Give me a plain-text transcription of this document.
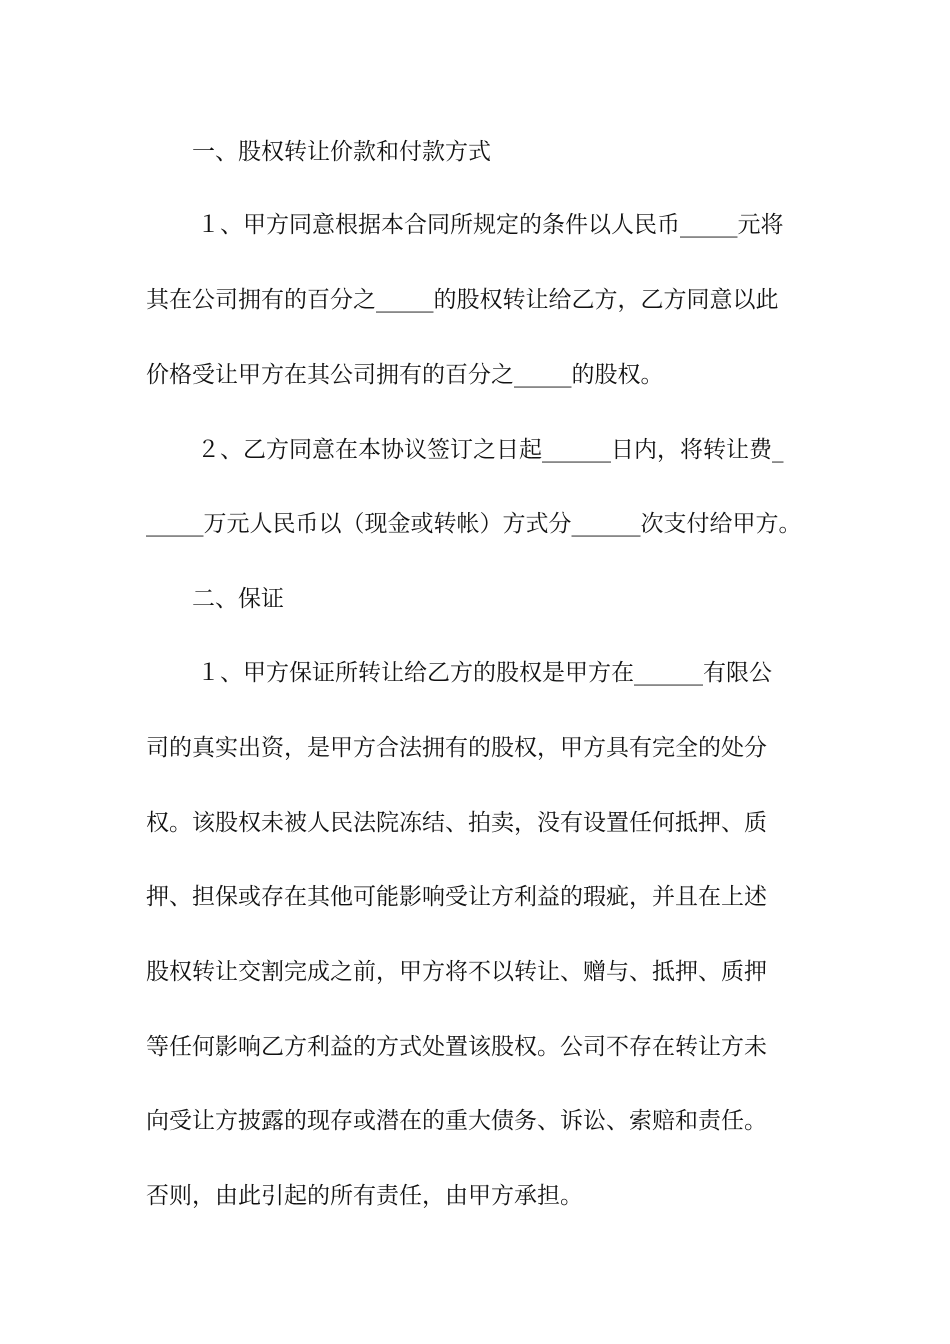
一、股权转让价款和付款方式
１、甲方同意根据本合同所规定的条件以人民币_____元将
其在公司拥有的百分之_____的股权转让给乙方，乙方同意以此
价格受让甲方在其公司拥有的百分之_____的股权。
２、乙方同意在本协议签订之日起______日内，将转让费_
_____万元人民币以（现金或转帐）方式分______次支付给甲方。
二、保证
１、甲方保证所转让给乙方的股权是甲方在______有限公
司的真实出资，是甲方合法拥有的股权，甲方具有完全的处分
权。该股权未被人民法院冻结、拍卖，没有设置任何抵押、质
押、担保或存在其他可能影响受让方利益的瑕疵，并且在上述
股权转让交割完成之前，甲方将不以转让、赠与、抵押、质押
等任何影响乙方利益的方式处置该股权。公司不存在转让方未
向受让方披露的现存或潜在的重大债务、诉讼、索赔和责任。
否则，由此引起的所有责任，由甲方承担。
